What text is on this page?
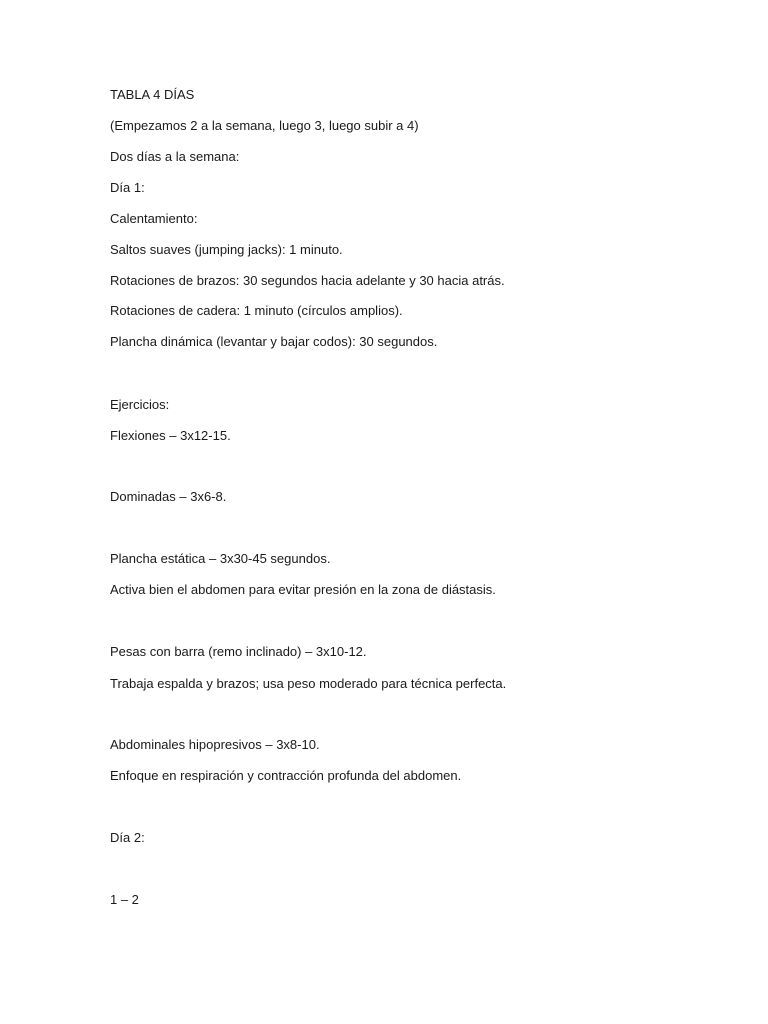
TABLA 4 DÍAS
(Empezamos 2 a la semana, luego 3, luego subir a 4)
Dos días a la semana:
Día 1:
Calentamiento:
Saltos suaves (jumping jacks): 1 minuto.
Rotaciones de brazos: 30 segundos hacia adelante y 30 hacia atrás.
Rotaciones de cadera: 1 minuto (círculos amplios).
Plancha dinámica (levantar y bajar codos): 30 segundos.
Ejercicios:
Flexiones – 3x12-15.
Dominadas – 3x6-8.
Plancha estática – 3x30-45 segundos.
Activa bien el abdomen para evitar presión en la zona de diástasis.
Pesas con barra (remo inclinado) – 3x10-12.
Trabaja espalda y brazos; usa peso moderado para técnica perfecta.
Abdominales hipopresivos – 3x8-10.
Enfoque en respiración y contracción profunda del abdomen.
Día 2:
1 – 2
